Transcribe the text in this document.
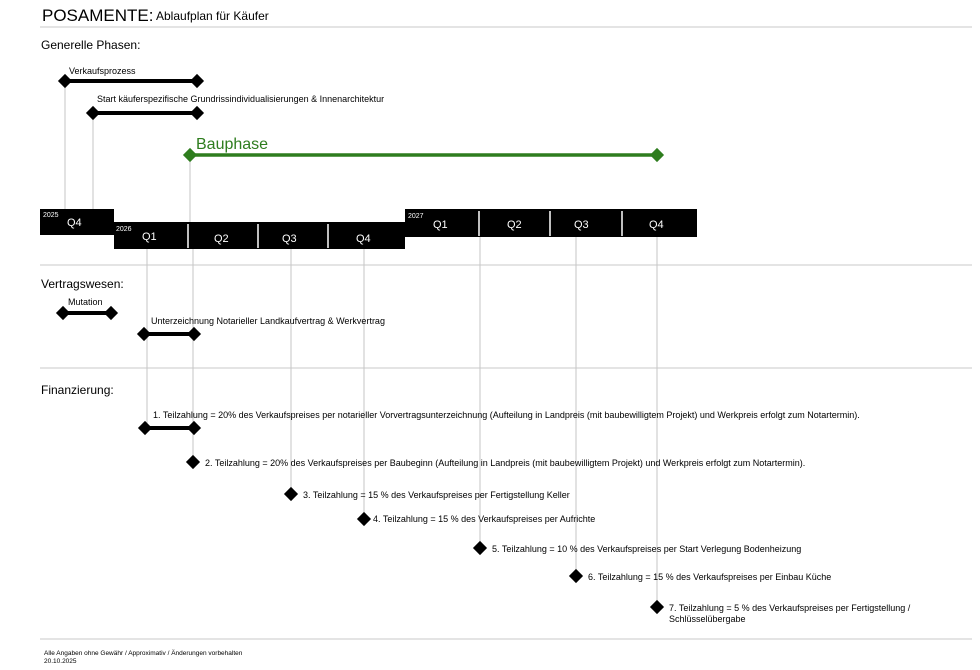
POSAMENTE: Ablaufplan für Käufer
Generelle Phasen:
Verkaufsprozess
Start käuferspezifische Grundrissindividualisierungen & Innenarchitektur
Bauphase
2025
2026
2027
Q4
Q1	Q2	Q3	Q4
Q1	Q2	Q3	Q4
Vertragswesen:
Mutation
Unterzeichnung Notarieller Landkaufvertrag & Werkvertrag
Finanzierung:
1. Teilzahlung = 20% des Verkaufspreises per notarieller Vorvertragsunterzeichnung (Aufteilung in Landpreis (mit baubewilligtem Projekt) und Werkpreis erfolgt zum Notartermin).
2. Teilzahlung = 20% des Verkaufspreises per Baubeginn (Aufteilung in Landpreis (mit baubewilligtem Projekt) und Werkpreis erfolgt zum Notartermin).
3. Teilzahlung = 15 % des Verkaufspreises per Fertigstellung Keller
4. Teilzahlung = 15 % des Verkaufspreises per Aufrichte
5. Teilzahlung = 10 % des Verkaufspreises per Start Verlegung Bodenheizung
6. Teilzahlung = 15 % des Verkaufspreises per Einbau Küche
7. Teilzahlung = 5 % des Verkaufspreises per Fertigstellung /
Schlüsselübergabe
Alle Angaben ohne Gewähr / Approximativ / Änderungen vorbehalten
20.10.2025
